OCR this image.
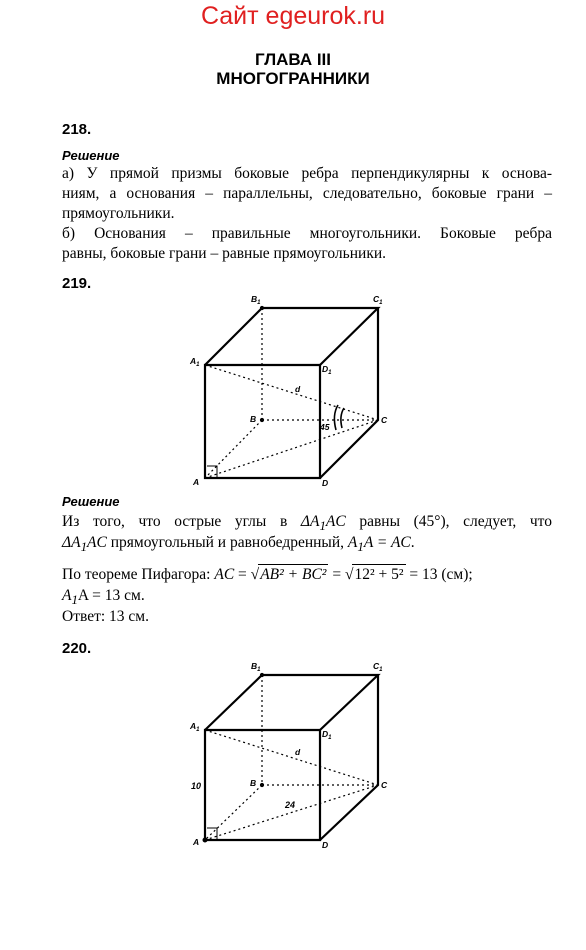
Сайт egeurok.ru
ГЛАВА III
МНОГОГРАННИКИ
218.
Решение
а) У прямой призмы боковые ребра перпендикулярны к основа-
ниям, а основания – параллельны, следовательно, боковые грани –
прямоугольники.
б) Основания – правильные многоугольники. Боковые ребра
равны, боковые грани – равные прямоугольники.
219.
$B_1$	$C_1$
$A_1$	$D_1$
B	C
A	D
d
45
$B_1$	$C_1$
$A_1$	$D_1$
B	C
A	D
d
10
24
Решение
Из того, что острые углы в $\Delta A_1AC$ равны (45°), следует, что
$\Delta A_1AC$ прямоугольный и равнобедренный, $A_1A$ = AC.
По теореме Пифагора: AC = √AB² + BC² = √12² + 5² = 13 (см);
$A_1A = 13$ см.
Ответ: 13 см.
220.
